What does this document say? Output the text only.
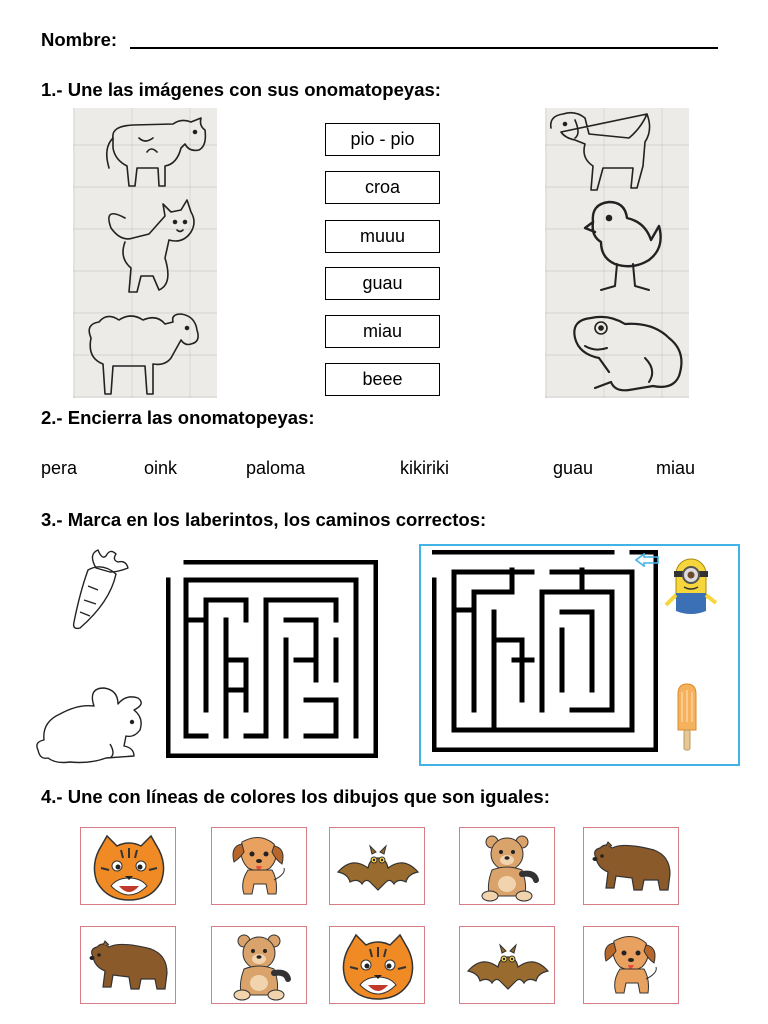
Nombre:
1.- Une las imágenes con sus onomatopeyas:
pio - pio
croa
muuu
guau
miau
beee
2.- Encierra las onomatopeyas:
pera	oink	paloma	kikiriki	guau	miau
3.- Marca en los laberintos, los caminos correctos:
4.- Une con líneas de colores los dibujos que son iguales:
